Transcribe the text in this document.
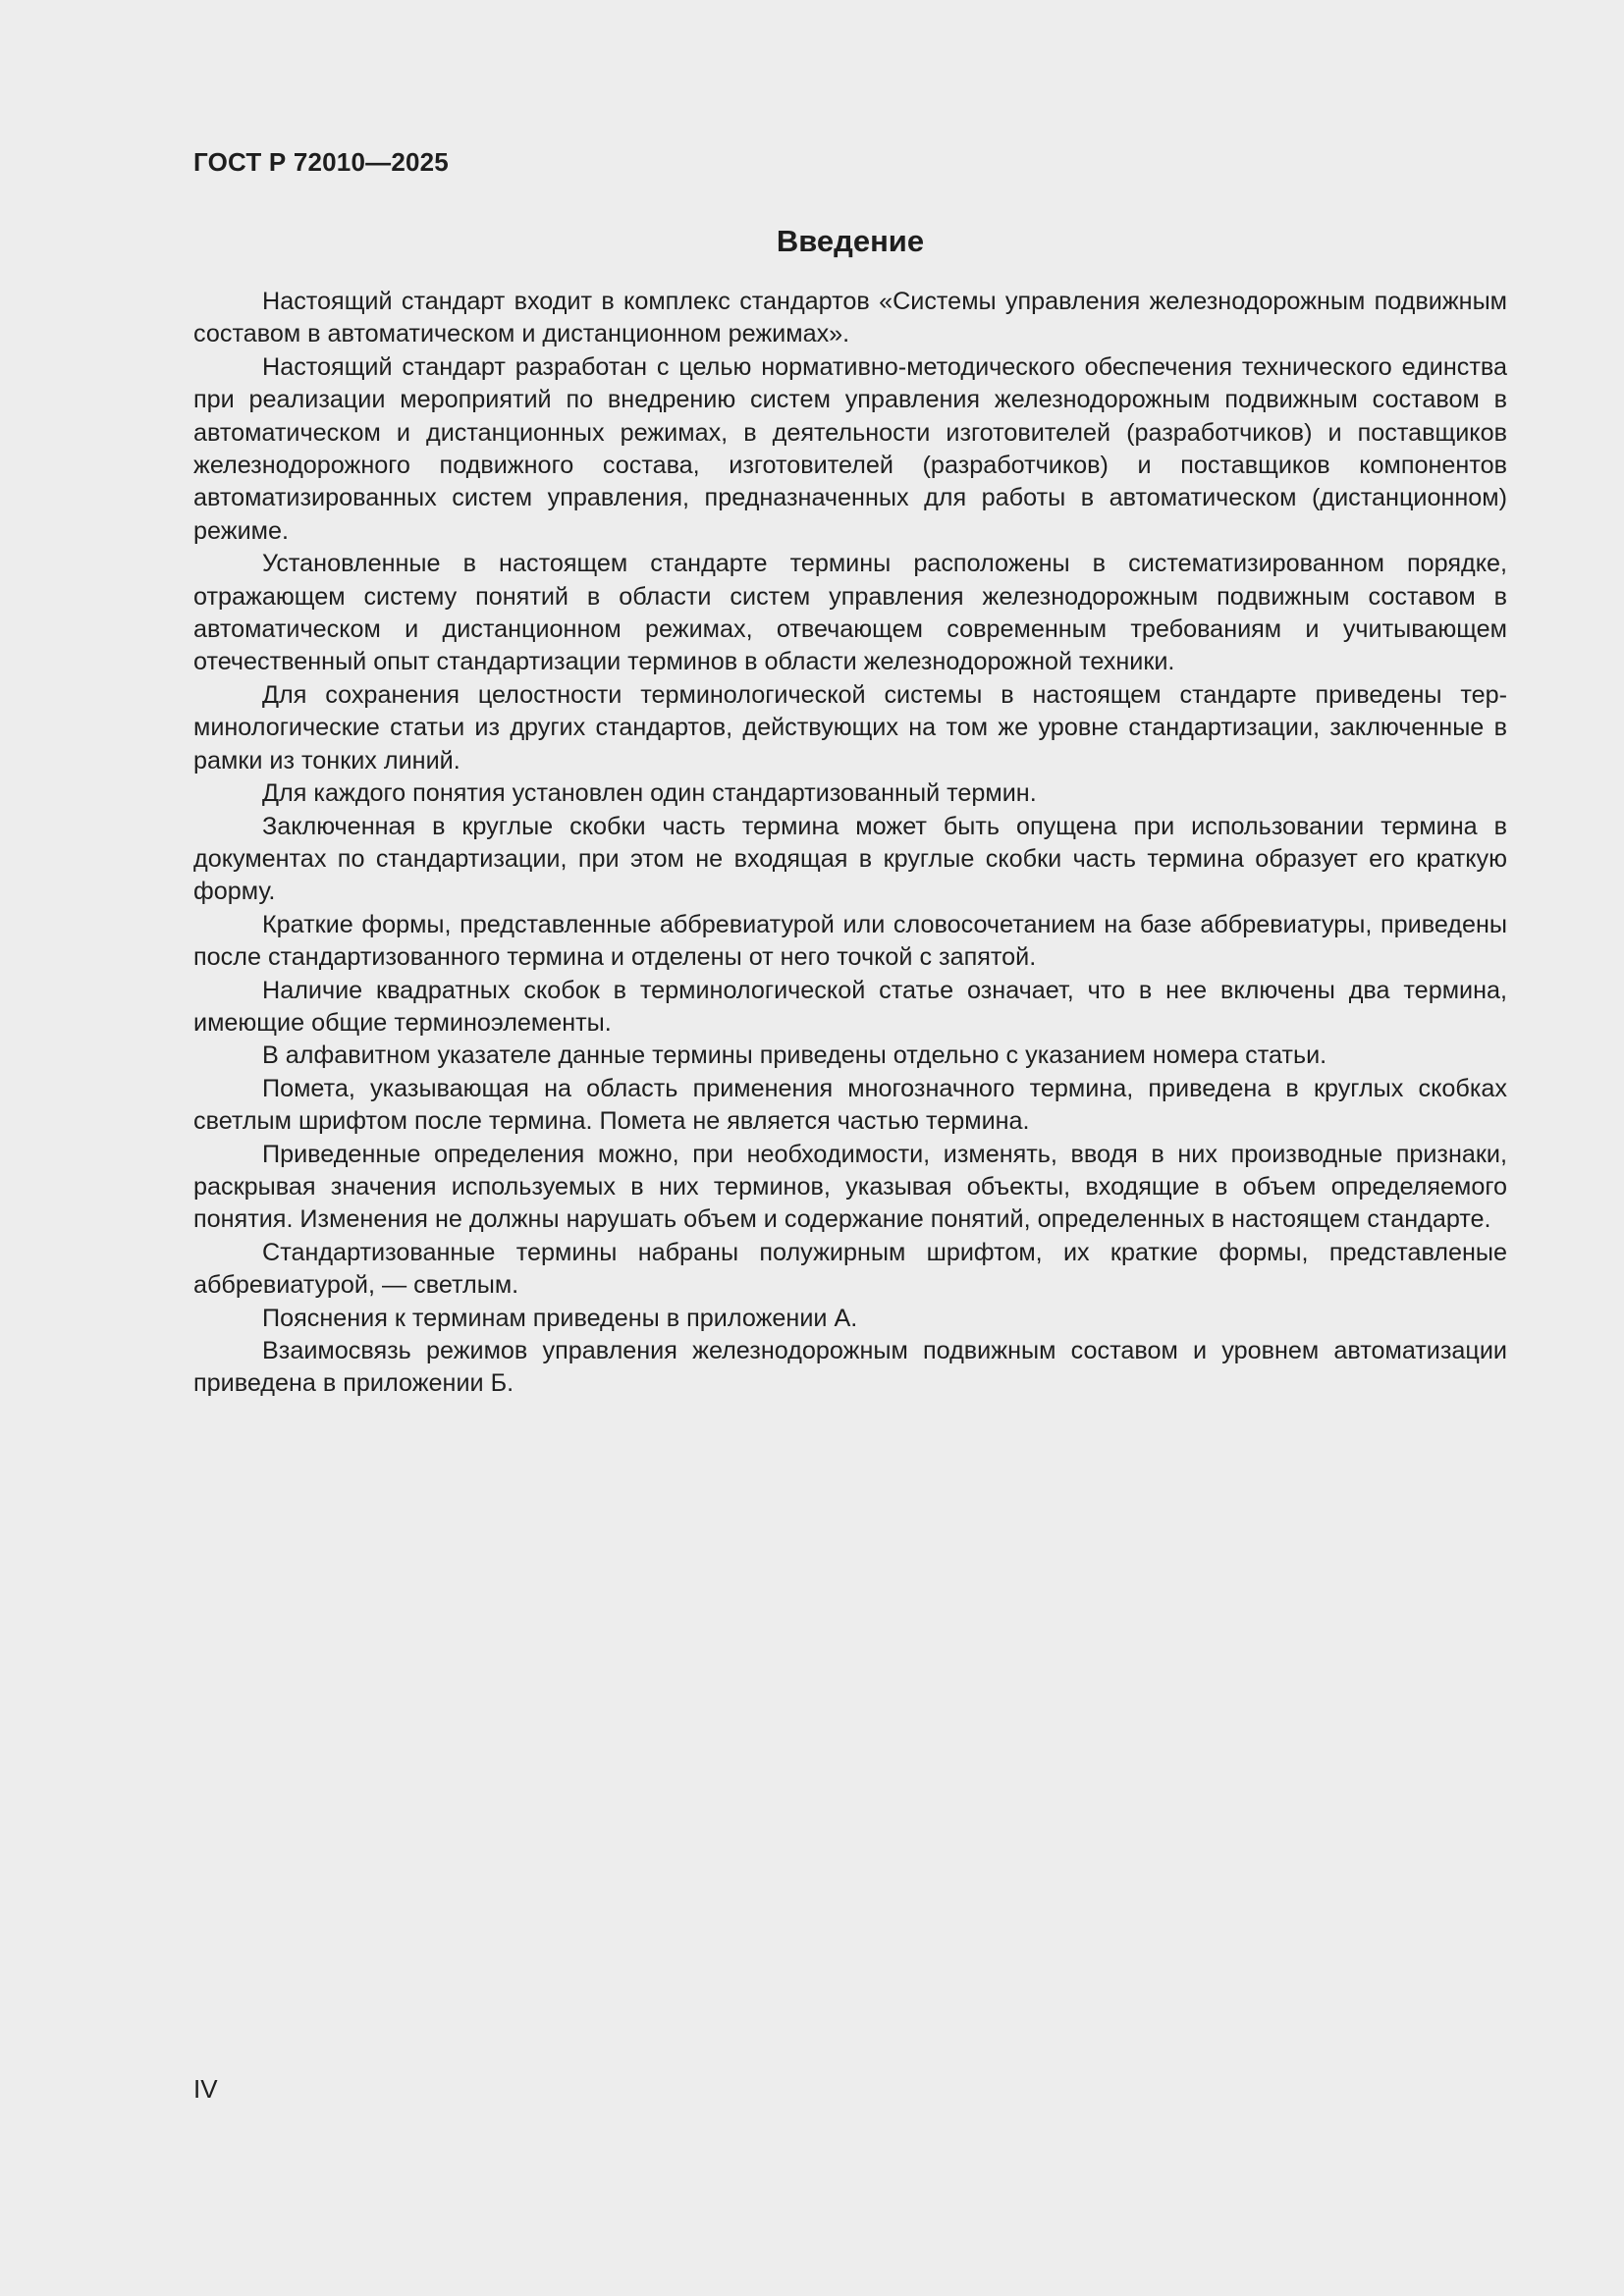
ГОСТ Р 72010—2025
Введение

Настоящий стандарт входит в комплекс стандартов «Системы управления железнодорожным подвижным составом в автоматическом и дистанционном режимах».

Настоящий стандарт разработан с целью нормативно-методического обеспечения технического единства при реализации мероприятий по внедрению систем управления железнодорожным подвижным составом в автоматическом и дистанционных режимах, в деятельности изготовителей (разработчиков) и поставщиков железнодорожного подвижного состава, изготовителей (разработчиков) и поставщиков компонентов автоматизированных систем управления, предназначенных для работы в автоматическом (дистанционном) режиме.

Установленные в настоящем стандарте термины расположены в систематизированном порядке, отражающем систему понятий в области систем управления железнодорожным подвижным составом в автоматическом и дистанционном режимах, отвечающем современным требованиям и учитывающем отечественный опыт стандартизации терминов в области железнодорожной техники.

Для сохранения целостности терминологической системы в настоящем стандарте приведены терминологические статьи из других стандартов, действующих на том же уровне стандартизации, заключенные в рамки из тонких линий.

Для каждого понятия установлен один стандартизованный термин.

Заключенная в круглые скобки часть термина может быть опущена при использовании термина в документах по стандартизации, при этом не входящая в круглые скобки часть термина образует его краткую форму.

Краткие формы, представленные аббревиатурой или словосочетанием на базе аббревиатуры, приведены после стандартизованного термина и отделены от него точкой с запятой.

Наличие квадратных скобок в терминологической статье означает, что в нее включены два термина, имеющие общие терминоэлементы.

В алфавитном указателе данные термины приведены отдельно с указанием номера статьи.

Помета, указывающая на область применения многозначного термина, приведена в круглых скобках светлым шрифтом после термина. Помета не является частью термина.

Приведенные определения можно, при необходимости, изменять, вводя в них производные признаки, раскрывая значения используемых в них терминов, указывая объекты, входящие в объем определяемого понятия. Изменения не должны нарушать объем и содержание понятий, определенных в настоящем стандарте.

Стандартизованные термины набраны полужирным шрифтом, их краткие формы, представленые аббревиатурой, — светлым.

Пояснения к терминам приведены в приложении А.

Взаимосвязь режимов управления железнодорожным подвижным составом и уровнем автоматизации приведена в приложении Б.

IV
